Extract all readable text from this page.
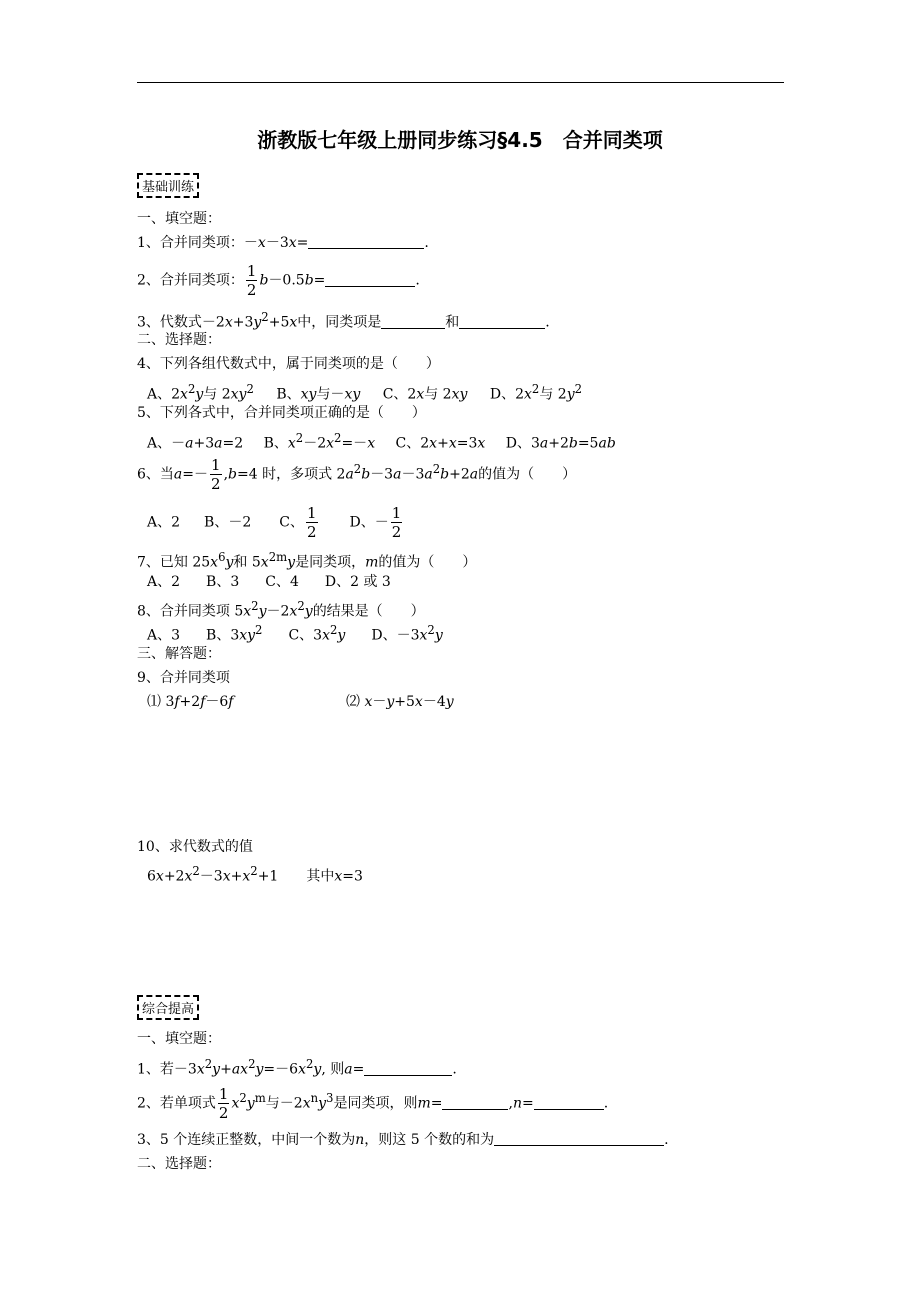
浙教版七年级上册同步练习§4.5　合并同类项
基础训练
一、填空题：
1、合并同类项：－x－3x=	.
2、合并同类项： $\frac{1}{2} b-0.5b=$	.
3、代数式$-2x+3y^2+5x$中，同类项是	和	.
二、选择题：
4、下列各组代数式中，属于同类项的是（　　）
A、$2x^2y$与 $2xy^2$ B、xy与－xy C、2x与 2xy D、$2x^2$与 $2y^2$
5、下列各式中，合并同类项正确的是（　　）
A、－a+3a=2 B、$x^2-2x^2=-x$ C、2x+x=3x D、3a+2b=5ab
6、当$a=- \frac{1}{2} ,b=4$ 时，多项式 $2a^2b-3a-3a^2b+2a$的值为（　　）
A、2 B、－2 C、 $\frac{1}{2}$ D、－ $\frac{1}{2}$
7、已知 $25x^6y$和 $5x^{2m}y$是同类项，m的值为（　　）
A、2 B、3 C、4 D、2 或 3
8、合并同类项 $5x^2y-2x^2y$的结果是（　　）
A、3 B、$3xy^2$ C、$3x^2y$ D、$-3x^2y$
三、解答题：
9、合并同类项
⑴ 3f+2f－6f	⑵ x－y+5x－4y
10、求代数式的值
$6x+2x^2-3x+x^2+1$　　其中x=3
综合提高
一、填空题：
1、若$-3x^2y+ax^2y=-6x^2y$, 则a=	.
2、若单项式 $\frac{1}{2} x^2y^m$与$-2x^ny^3$是同类项，则m=	,n=	.
3、5 个连续正整数，中间一个数为n，则这 5 个数的和为	.
二、选择题：
